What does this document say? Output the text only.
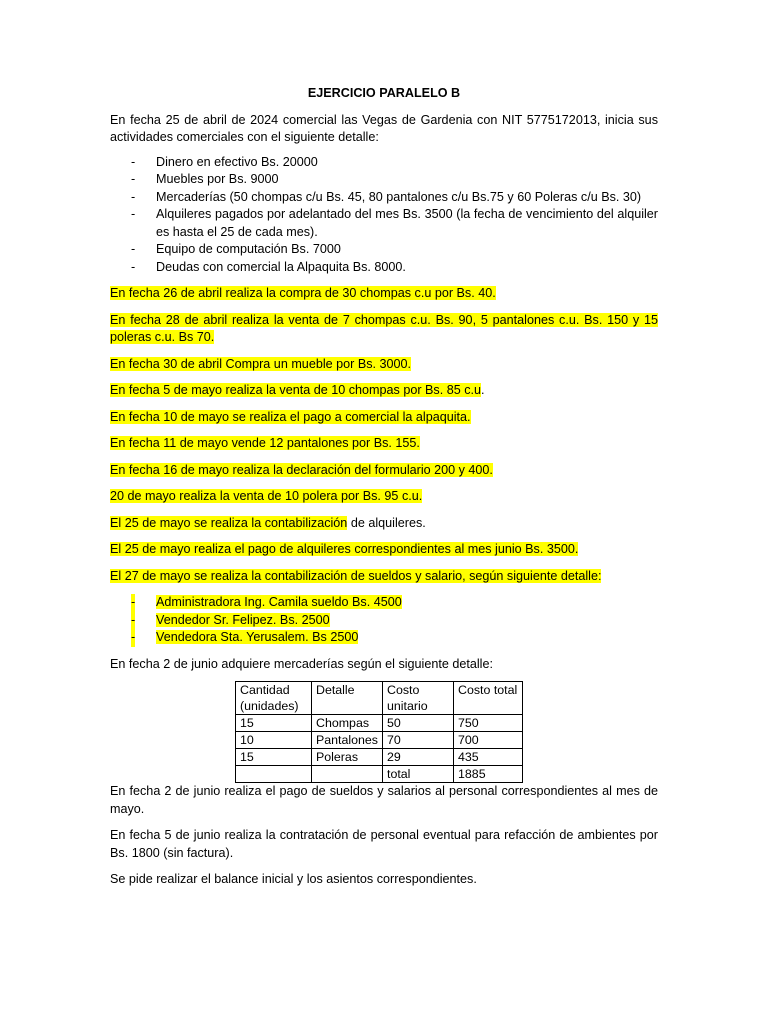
EJERCICIO PARALELO B

En fecha 25 de abril de 2024 comercial las Vegas de Gardenia con NIT 5775172013, inicia sus actividades comerciales con el siguiente detalle:

- Dinero en efectivo Bs. 20000
- Muebles por Bs. 9000
- Mercaderías (50 chompas c/u Bs. 45, 80 pantalones c/u Bs.75 y 60 Poleras c/u Bs. 30)
- Alquileres pagados por adelantado del mes Bs. 3500 (la fecha de vencimiento del alquiler es hasta el 25 de cada mes).
- Equipo de computación Bs. 7000
- Deudas con comercial la Alpaquita Bs. 8000.

En fecha 26 de abril realiza la compra de 30 chompas c.u por Bs. 40.

En fecha 28 de abril realiza la venta de 7 chompas c.u. Bs. 90, 5 pantalones c.u. Bs. 150 y 15 poleras c.u. Bs 70.

En fecha 30 de abril Compra un mueble por Bs. 3000.

En fecha 5 de mayo realiza la venta de 10 chompas por Bs. 85 c.u.

En fecha 10 de mayo se realiza el pago a comercial la alpaquita.

En fecha 11 de mayo vende 12 pantalones por Bs. 155.

En fecha 16 de mayo realiza la declaración del formulario 200 y 400.

20 de mayo realiza la venta de 10 polera por Bs. 95 c.u.

El 25 de mayo se realiza la contabilización de alquileres.

El 25 de mayo realiza el pago de alquileres correspondientes al mes junio Bs. 3500.

El 27 de mayo se realiza la contabilización de sueldos y salario, según siguiente detalle:

- Administradora Ing. Camila sueldo Bs. 4500
- Vendedor Sr. Felipez. Bs. 2500
- Vendedora Sta. Yerusalem. Bs 2500

En fecha 2 de junio adquiere mercaderías según el siguiente detalle:

Cantidad (unidades)	Detalle	Costo unitario	Costo total
15	Chompas	50	750
10	Pantalones	70	700
15	Poleras	29	435
		total	1885

En fecha 2 de junio realiza el pago de sueldos y salarios al personal correspondientes al mes de mayo.

En fecha 5 de junio realiza la contratación de personal eventual para refacción de ambientes por Bs. 1800 (sin factura).

Se pide realizar el balance inicial y los asientos correspondientes.
